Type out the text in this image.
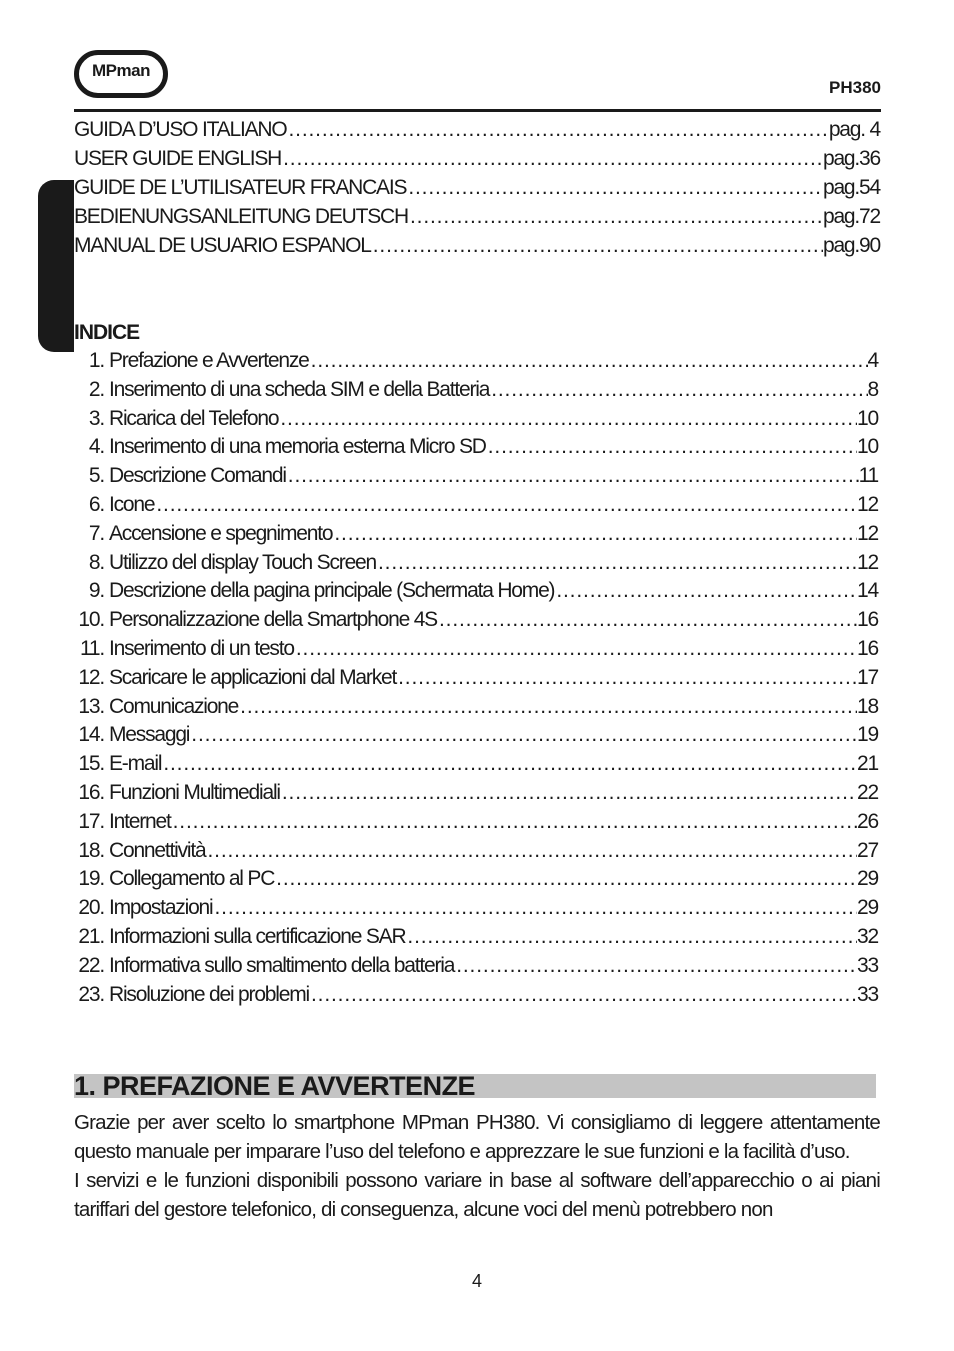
MPman
PH380
GUIDA D’USO ITALIANO . . .	pag. 4
USER GUIDE ENGLISH . . .	pag.36
GUIDE DE L’UTILISATEUR FRANCAIS . . .	pag.54
BEDIENUNGSANLEITUNG DEUTSCH . . .	pag.72
MANUAL DE USUARIO ESPANOL . . .	pag.90
INDICE
1. Prefazione e Avvertenze . . .	4
2. Inserimento di una scheda SIM e della Batteria . . .	8
3. Ricarica del Telefono . . .	10
4. Inserimento di una memoria esterna Micro SD . . .	10
5. Descrizione Comandi . . .	11
6. Icone . . .	12
7. Accensione e spegnimento . . .	12
8. Utilizzo del display Touch Screen . . .	12
9. Descrizione della pagina principale (Schermata Home) . . .	14
10. Personalizzazione della Smartphone 4S . . .	16
11. Inserimento di un testo . . .	16
12. Scaricare le applicazioni dal Market . . .	17
13. Comunicazione . . .	18
14. Messaggi . . .	19
15. E-mail . . .	21
16. Funzioni Multimediali . . .	22
17. Internet . . .	26
18. Connettività . . .	27
19. Collegamento al PC . . .	29
20. Impostazioni . . .	29
21. Informazioni sulla certificazione SAR . . .	32
22. Informativa sullo smaltimento della batteria . . .	33
23. Risoluzione dei problemi . . .	33
1. PREFAZIONE E AVVERTENZE

Grazie per aver scelto lo smartphone MPman PH380. Vi consigliamo di leggere attentamente questo manuale per imparare l’uso del telefono e apprezzare le sue funzioni e la facilità d’uso.

I servizi e le funzioni disponibili possono variare in base al software dell’apparecchio o ai piani tariffari del gestore telefonico, di conseguenza, alcune voci del menù potrebbero non

4
